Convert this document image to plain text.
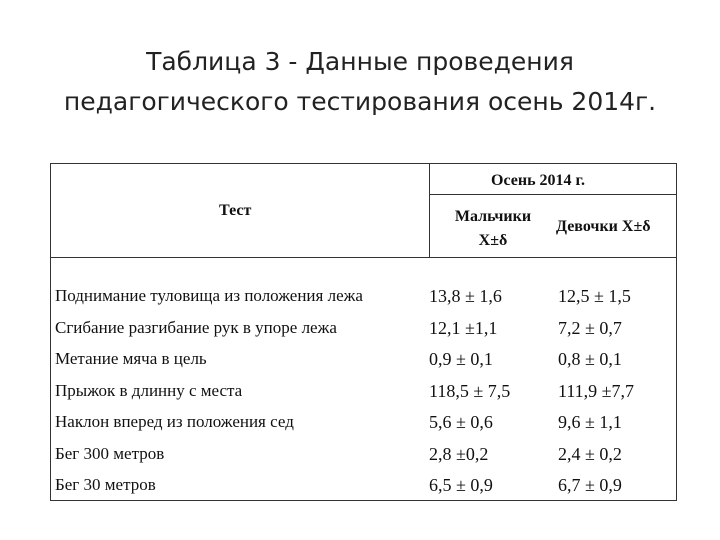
Таблица 3 - Данные проведения
педагогического тестирования осень 2014г.
Тест
Осень 2014 г.
Мальчики
X±δ
Девочки X±δ
Поднимание туловища из положения лежа	13,8 ± 1,6	12,5 ± 1,5
Сгибание разгибание рук в упоре лежа	12,1 ±1,1	7,2 ± 0,7
Метание мяча в цель	0,9 ± 0,1	0,8 ± 0,1
Прыжок в длинну с места	118,5 ± 7,5	111,9 ±7,7
Наклон вперед из положения сед	5,6 ± 0,6	9,6 ± 1,1
Бег 300 метров	2,8 ±0,2	2,4 ± 0,2
Бег 30 метров	6,5 ± 0,9	6,7 ± 0,9
